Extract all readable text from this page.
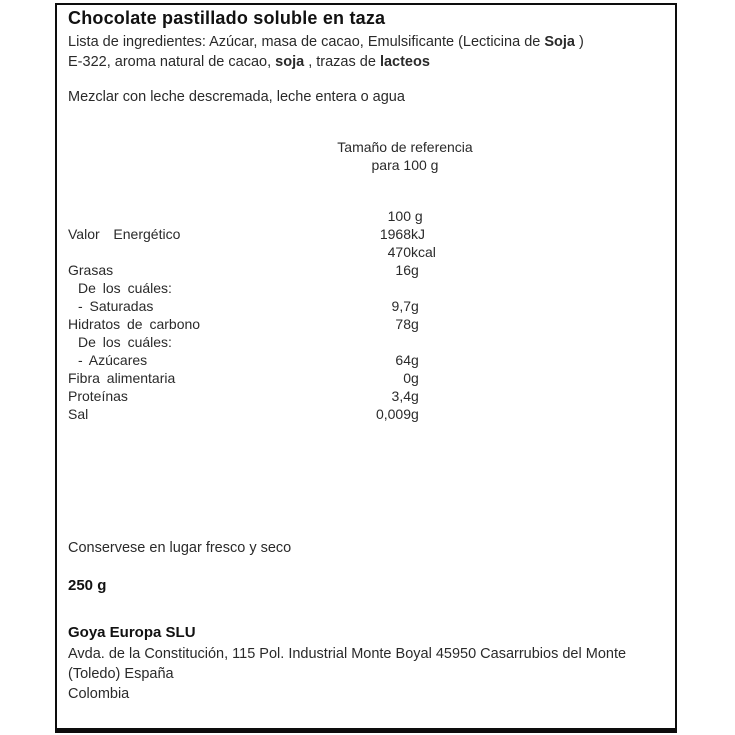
Chocolate pastillado soluble en taza
Lista de ingredientes: Azúcar, masa de cacao, Emulsificante (Lecticina de Soja )
E-322, aroma natural de cacao, soja , trazas de lacteos
Mezclar con leche descremada, leche entera o agua
Tamaño de referencia
para 100 g
100 g
Valor  Energético	1968 kJ
470 kcal
Grasas	16 g
De los cuáles:
- Saturadas	9,7 g
Hidratos de carbono	78 g
De los cuáles:
- Azúcares	64 g
Fibra alimentaria	0 g
Proteínas	3,4 g
Sal	0,009 g
Conservese en lugar fresco y seco
250 g
Goya Europa SLU
Avda. de la Constitución, 115 Pol. Industrial Monte Boyal 45950 Casarrubios del Monte (Toledo) España
Colombia
